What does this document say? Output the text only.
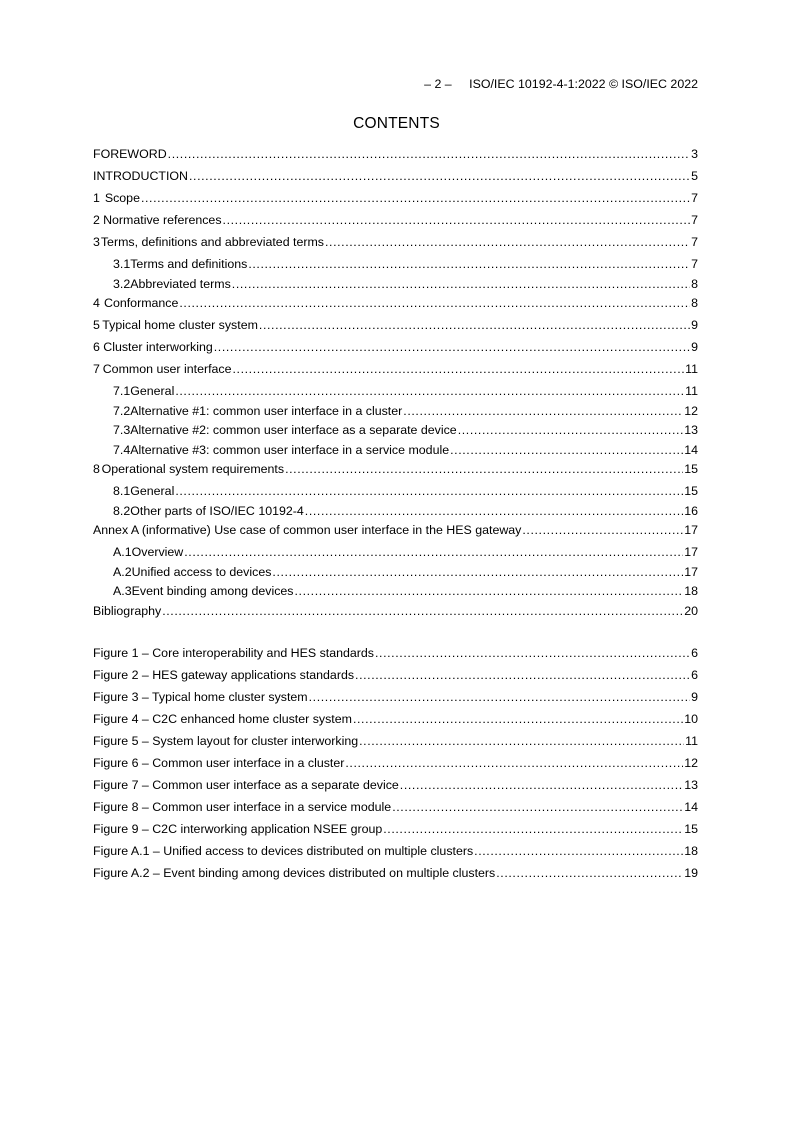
– 2 – ISO/IEC 10192-4-1:2022 © ISO/IEC 2022
CONTENTS
FOREWORD .....	3
INTRODUCTION .....	5
1 Scope .....	7
2 Normative references .....	7
3 Terms, definitions and abbreviated terms .....	7
3.1 Terms and definitions .....	7
3.2 Abbreviated terms .....	8
4 Conformance .....	8
5 Typical home cluster system .....	9
6 Cluster interworking .....	9
7 Common user interface .....	11
7.1 General .....	11
7.2 Alternative #1: common user interface in a cluster .....	12
7.3 Alternative #2: common user interface as a separate device .....	13
7.4 Alternative #3: common user interface in a service module .....	14
8 Operational system requirements .....	15
8.1 General .....	15
8.2 Other parts of ISO/IEC 10192-4 .....	16
Annex A (informative) Use case of common user interface in the HES gateway .....	17
A.1 Overview .....	17
A.2 Unified access to devices .....	17
A.3 Event binding among devices .....	18
Bibliography .....	20
Figure 1 – Core interoperability and HES standards .....	6
Figure 2 – HES gateway applications standards .....	6
Figure 3 – Typical home cluster system .....	9
Figure 4 – C2C enhanced home cluster system .....	10
Figure 5 – System layout for cluster interworking .....	11
Figure 6 – Common user interface in a cluster .....	12
Figure 7 – Common user interface as a separate device .....	13
Figure 8 – Common user interface in a service module .....	14
Figure 9 – C2C interworking application NSEE group .....	15
Figure A.1 – Unified access to devices distributed on multiple clusters .....	18
Figure A.2 – Event binding among devices distributed on multiple clusters .....	19
